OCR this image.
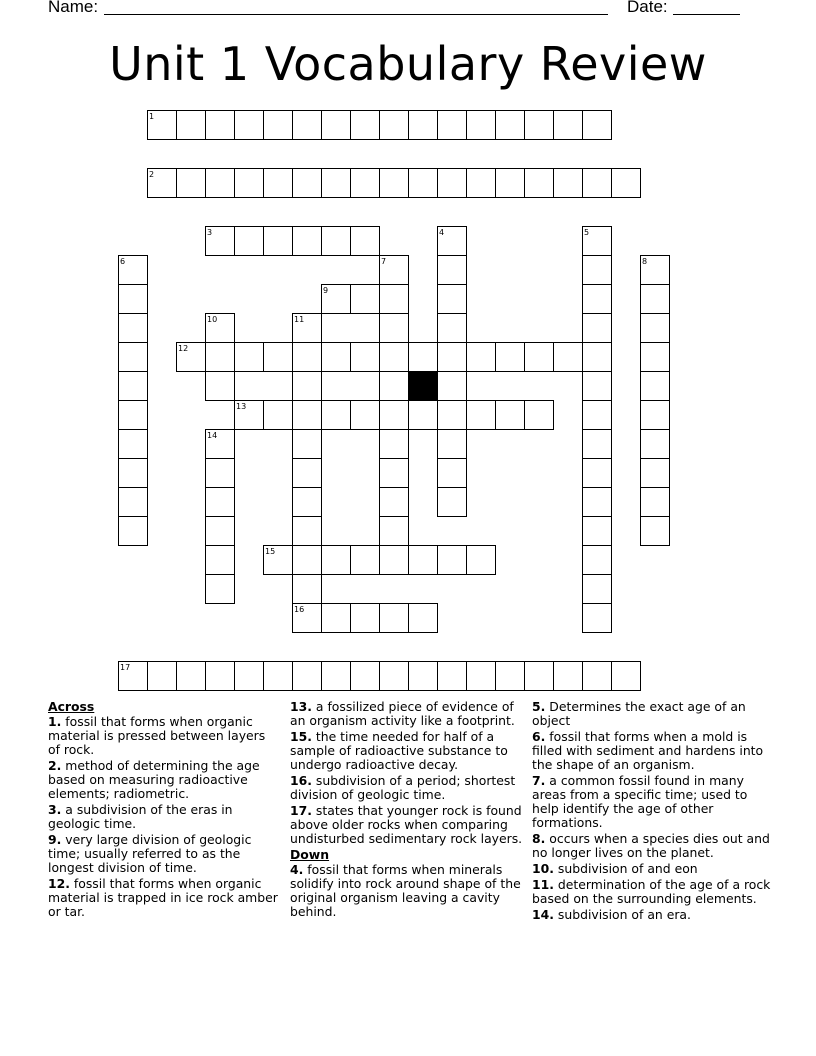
Name:	Date:
Unit 1 Vocabulary Review
1
2
3
9
12
13
15
16
17
4	5
6	7	8
10	11
14
Across
1. fossil that forms when organic material is pressed between layers of rock.
2. method of determining the age based on measuring radioactive elements; radiometric.
3. a subdivision of the eras in geologic time.
9. very large division of geologic time; usually referred to as the longest division of time.
12. fossil that forms when organic material is trapped in ice rock amber or tar.
13. a fossilized piece of evidence of an organism activity like a footprint.
15. the time needed for half of a sample of radioactive substance to undergo radioactive decay.
16. subdivision of a period; shortest division of geologic time.
17. states that younger rock is found above older rocks when comparing undisturbed sedimentary rock layers.
Down
4. fossil that forms when minerals solidify into rock around shape of the original organism leaving a cavity behind.
5. Determines the exact age of an object
6. fossil that forms when a mold is filled with sediment and hardens into the shape of an organism.
7. a common fossil found in many areas from a specific time; used to help identify the age of other formations.
8. occurs when a species dies out and no longer lives on the planet.
10. subdivision of and eon
11. determination of the age of a rock based on the surrounding elements.
14. subdivision of an era.
